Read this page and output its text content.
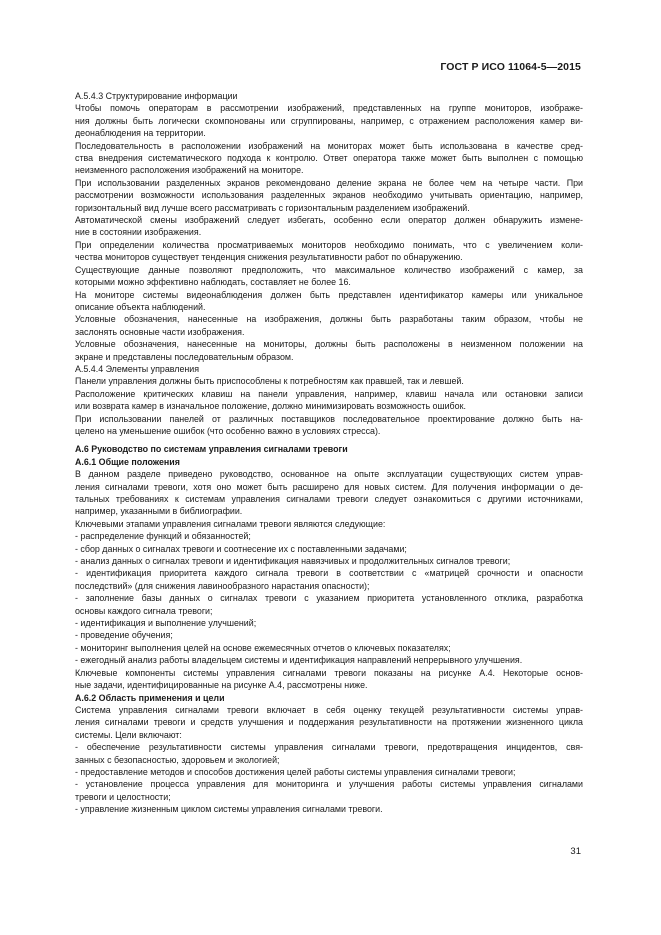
ГОСТ Р ИСО 11064-5—2015
А.5.4.3 Структурирование информации
Чтобы помочь операторам в рассмотрении изображений, представленных на группе мониторов, изображе-
ния должны быть логически скомпонованы или сгруппированы, например, с отражением расположения камер ви-
деонаблюдения на территории.
Последовательность в расположении изображений на мониторах может быть использована в качестве сред-
ства внедрения систематического подхода к контролю. Ответ оператора также может быть выполнен с помощью
неизменного расположения изображений на мониторе.
При использовании разделенных экранов рекомендовано деление экрана не более чем на четыре части. При
рассмотрении возможности использования разделенных экранов необходимо учитывать ориентацию, например,
горизонтальный вид лучше всего рассматривать с горизонтальным разделением изображений.
Автоматической смены изображений следует избегать, особенно если оператор должен обнаружить измене-
ние в состоянии изображения.
При определении количества просматриваемых мониторов необходимо понимать, что с увеличением коли-
чества мониторов существует тенденция снижения результативности работ по обнаружению.
Существующие данные позволяют предположить, что максимальное количество изображений с камер, за
которыми можно эффективно наблюдать, составляет не более 16.
На мониторе системы видеонаблюдения должен быть представлен идентификатор камеры или уникальное
описание объекта наблюдений.
Условные обозначения, нанесенные на изображения, должны быть разработаны таким образом, чтобы не
заслонять основные части изображения.
Условные обозначения, нанесенные на мониторы, должны быть расположены в неизменном положении на
экране и представлены последовательным образом.
А.5.4.4 Элементы управления
Панели управления должны быть приспособлены к потребностям как правшей, так и левшей.
Расположение критических клавиш на панели управления, например, клавиш начала или остановки записи
или возврата камер в изначальное положение, должно минимизировать возможность ошибок.
При использовании панелей от различных поставщиков последовательное проектирование должно быть на-
целено на уменьшение ошибок (что особенно важно в условиях стресса).
А.6 Руководство по системам управления сигналами тревоги
А.6.1 Общие положения
В данном разделе приведено руководство, основанное на опыте эксплуатации существующих систем управ-
ления сигналами тревоги, хотя оно может быть расширено для новых систем. Для получения информации о де-
тальных требованиях к системам управления сигналами тревоги следует ознакомиться с другими источниками,
например, указанными в библиографии.
Ключевыми этапами управления сигналами тревоги являются следующие:
- распределение функций и обязанностей;
- сбор данных о сигналах тревоги и соотнесение их с поставленными задачами;
- анализ данных о сигналах тревоги и идентификация навязчивых и продолжительных сигналов тревоги;
- идентификация приоритета каждого сигнала тревоги в соответствии с «матрицей срочности и опасности
последствий» (для снижения лавинообразного нарастания опасности);
- заполнение базы данных о сигналах тревоги с указанием приоритета установленного отклика, разработка
основы каждого сигнала тревоги;
- идентификация и выполнение улучшений;
- проведение обучения;
- мониторинг выполнения целей на основе ежемесячных отчетов о ключевых показателях;
- ежегодный анализ работы владельцем системы и идентификация направлений непрерывного улучшения.
Ключевые компоненты системы управления сигналами тревоги показаны на рисунке А.4. Некоторые основ-
ные задачи, идентифицированные на рисунке А.4, рассмотрены ниже.
А.6.2 Область применения и цели
Система управления сигналами тревоги включает в себя оценку текущей результативности системы управ-
ления сигналами тревоги и средств улучшения и поддержания результативности на протяжении жизненного цикла
системы. Цели включают:
- обеспечение результативности системы управления сигналами тревоги, предотвращения инцидентов, свя-
занных с безопасностью, здоровьем и экологией;
- предоставление методов и способов достижения целей работы системы управления сигналами тревоги;
- установление процесса управления для мониторинга и улучшения работы системы управления сигналами
тревоги и целостности;
- управление жизненным циклом системы управления сигналами тревоги.
31
